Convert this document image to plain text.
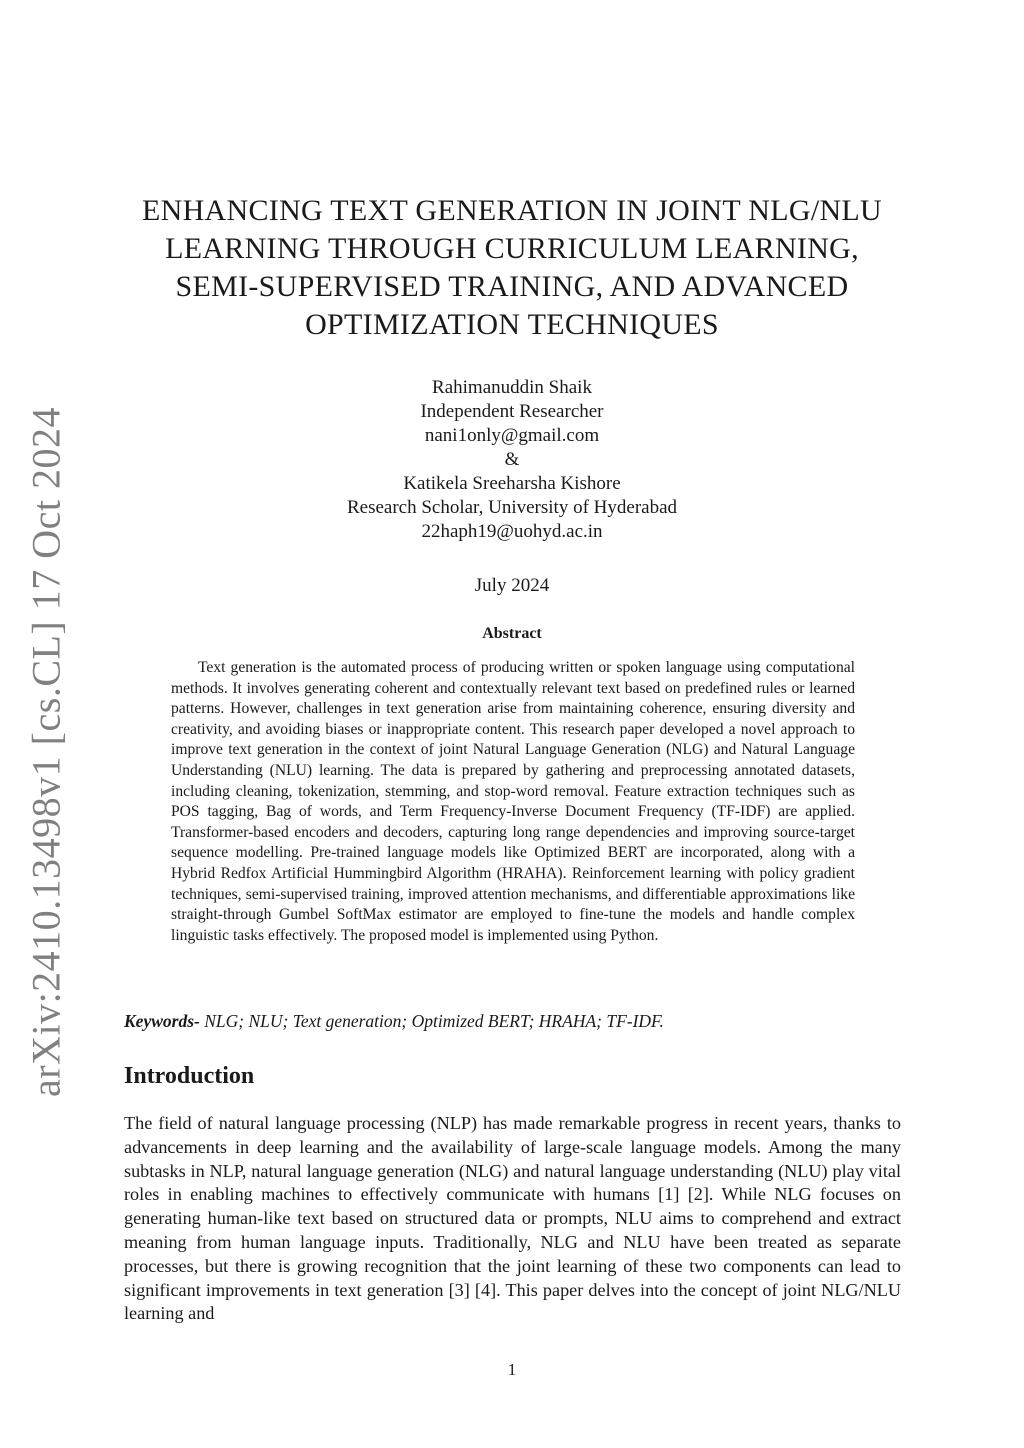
arXiv:2410.13498v1 [cs.CL] 17 Oct 2024
ENHANCING TEXT GENERATION IN JOINT NLG/NLU
LEARNING THROUGH CURRICULUM LEARNING,
SEMI-SUPERVISED TRAINING, AND ADVANCED
OPTIMIZATION TECHNIQUES
Rahimanuddin Shaik
Independent Researcher
nani1only@gmail.com
&
Katikela Sreeharsha Kishore
Research Scholar, University of Hyderabad
22haph19@uohyd.ac.in
July 2024
Abstract

Text generation is the automated process of producing written or spoken language using computational methods. It involves generating coherent and contextually relevant text based on predefined rules or learned patterns. However, challenges in text generation arise from maintaining coherence, ensuring diversity and creativity, and avoiding biases or inappropriate content. This research paper developed a novel approach to improve text generation in the context of joint Natural Language Generation (NLG) and Natural Language Understanding (NLU) learning. The data is prepared by gathering and preprocessing annotated datasets, including cleaning, tokenization, stemming, and stop-word removal. Feature extraction techniques such as POS tagging, Bag of words, and Term Frequency-Inverse Document Frequency (TF-IDF) are applied. Transformer-based encoders and decoders, capturing long range dependencies and improving source-target sequence modelling. Pre-trained language models like Optimized BERT are incorporated, along with a Hybrid Redfox Artificial Hummingbird Algorithm (HRAHA). Reinforcement learning with policy gradient techniques, semi-supervised training, improved attention mechanisms, and differentiable approximations like straight-through Gumbel SoftMax estimator are employed to fine-tune the models and handle complex linguistic tasks effectively. The proposed model is implemented using Python.

Keywords- NLG; NLU; Text generation; Optimized BERT; HRAHA; TF-IDF.
Introduction

The field of natural language processing (NLP) has made remarkable progress in recent years, thanks to advancements in deep learning and the availability of large-scale language models. Among the many subtasks in NLP, natural language generation (NLG) and natural language understanding (NLU) play vital roles in enabling machines to effectively communicate with humans [1] [2]. While NLG focuses on generating human-like text based on structured data or prompts, NLU aims to comprehend and extract meaning from human language inputs. Traditionally, NLG and NLU have been treated as separate processes, but there is growing recognition that the joint learning of these two components can lead to significant improvements in text generation [3] [4]. This paper delves into the concept of joint NLG/NLU learning and

1
